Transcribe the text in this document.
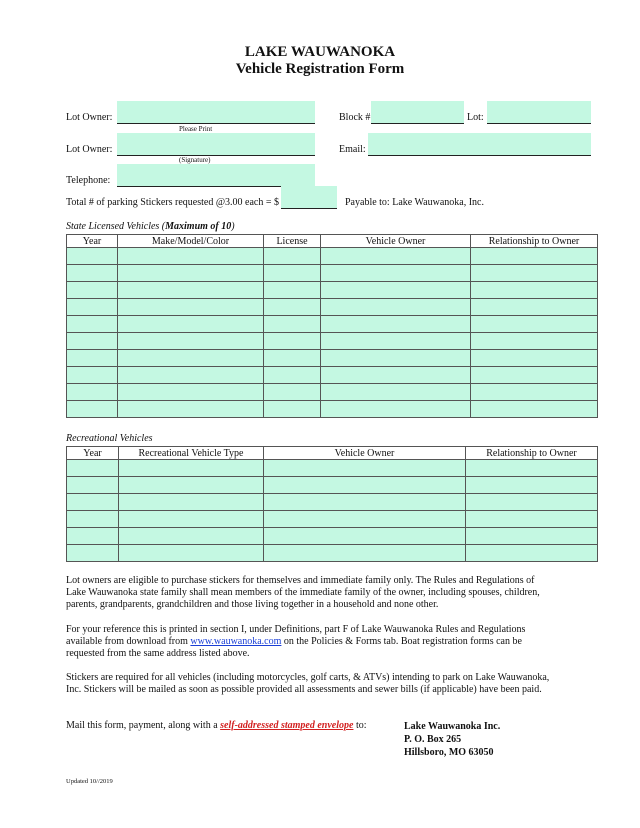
LAKE WAUWANOKA
Vehicle Registration Form
Lot Owner:
Please Print
Block #	Lot:
Lot Owner:
(Signature)
Email:
Telephone:
Total # of parking Stickers requested @3.00 each = $	Payable to: Lake Wauwanoka, Inc.
State Licensed Vehicles (Maximum of 10)
Year	Make/Model/Color	License	Vehicle Owner	Relationship to Owner

Recreational Vehicles
Year	Recreational Vehicle Type	Vehicle Owner	Relationship to Owner

Lot owners are eligible to purchase stickers for themselves and immediate family only. The Rules and Regulations of Lake Wauwanoka state family shall mean members of the immediate family of the owner, including spouses, children, parents, grandparents, grandchildren and those living together in a household and none other.
For your reference this is printed in section I, under Definitions, part F of Lake Wauwanoka Rules and Regulations available from download from www.wauwanoka.com on the Policies & Forms tab. Boat registration forms can be requested from the same address listed above.
Stickers are required for all vehicles (including motorcycles, golf carts, & ATVs) intending to park on Lake Wauwanoka, Inc. Stickers will be mailed as soon as possible provided all assessments and sewer bills (if applicable) have been paid.
Mail this form, payment, along with a self-addressed stamped envelope to:	Lake Wauwanoka Inc.
P. O. Box 265
Hillsboro, MO 63050
Updated 10//2019
